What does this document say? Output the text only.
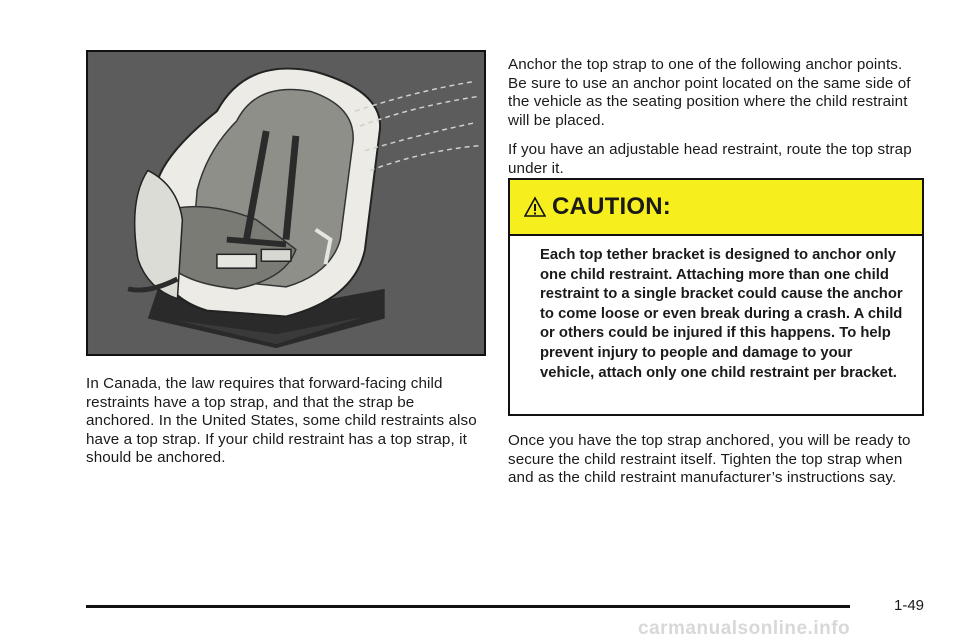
In Canada, the law requires that forward-facing child restraints have a top strap, and that the strap be anchored. In the United States, some child restraints also have a top strap. If your child restraint has a top strap, it should be anchored.

Anchor the top strap to one of the following anchor points. Be sure to use an anchor point located on the same side of the vehicle as the seating position where the child restraint will be placed.

If you have an adjustable head restraint, route the top strap under it.

CAUTION:
Each top tether bracket is designed to anchor only one child restraint. Attaching more than one child restraint to a single bracket could cause the anchor to come loose or even break during a crash. A child or others could be injured if this happens. To help prevent injury to people and damage to your vehicle, attach only one child restraint per bracket.

Once you have the top strap anchored, you will be ready to secure the child restraint itself. Tighten the top strap when and as the child restraint manufacturer’s instructions say.

1-49
carmanualsonline.info
